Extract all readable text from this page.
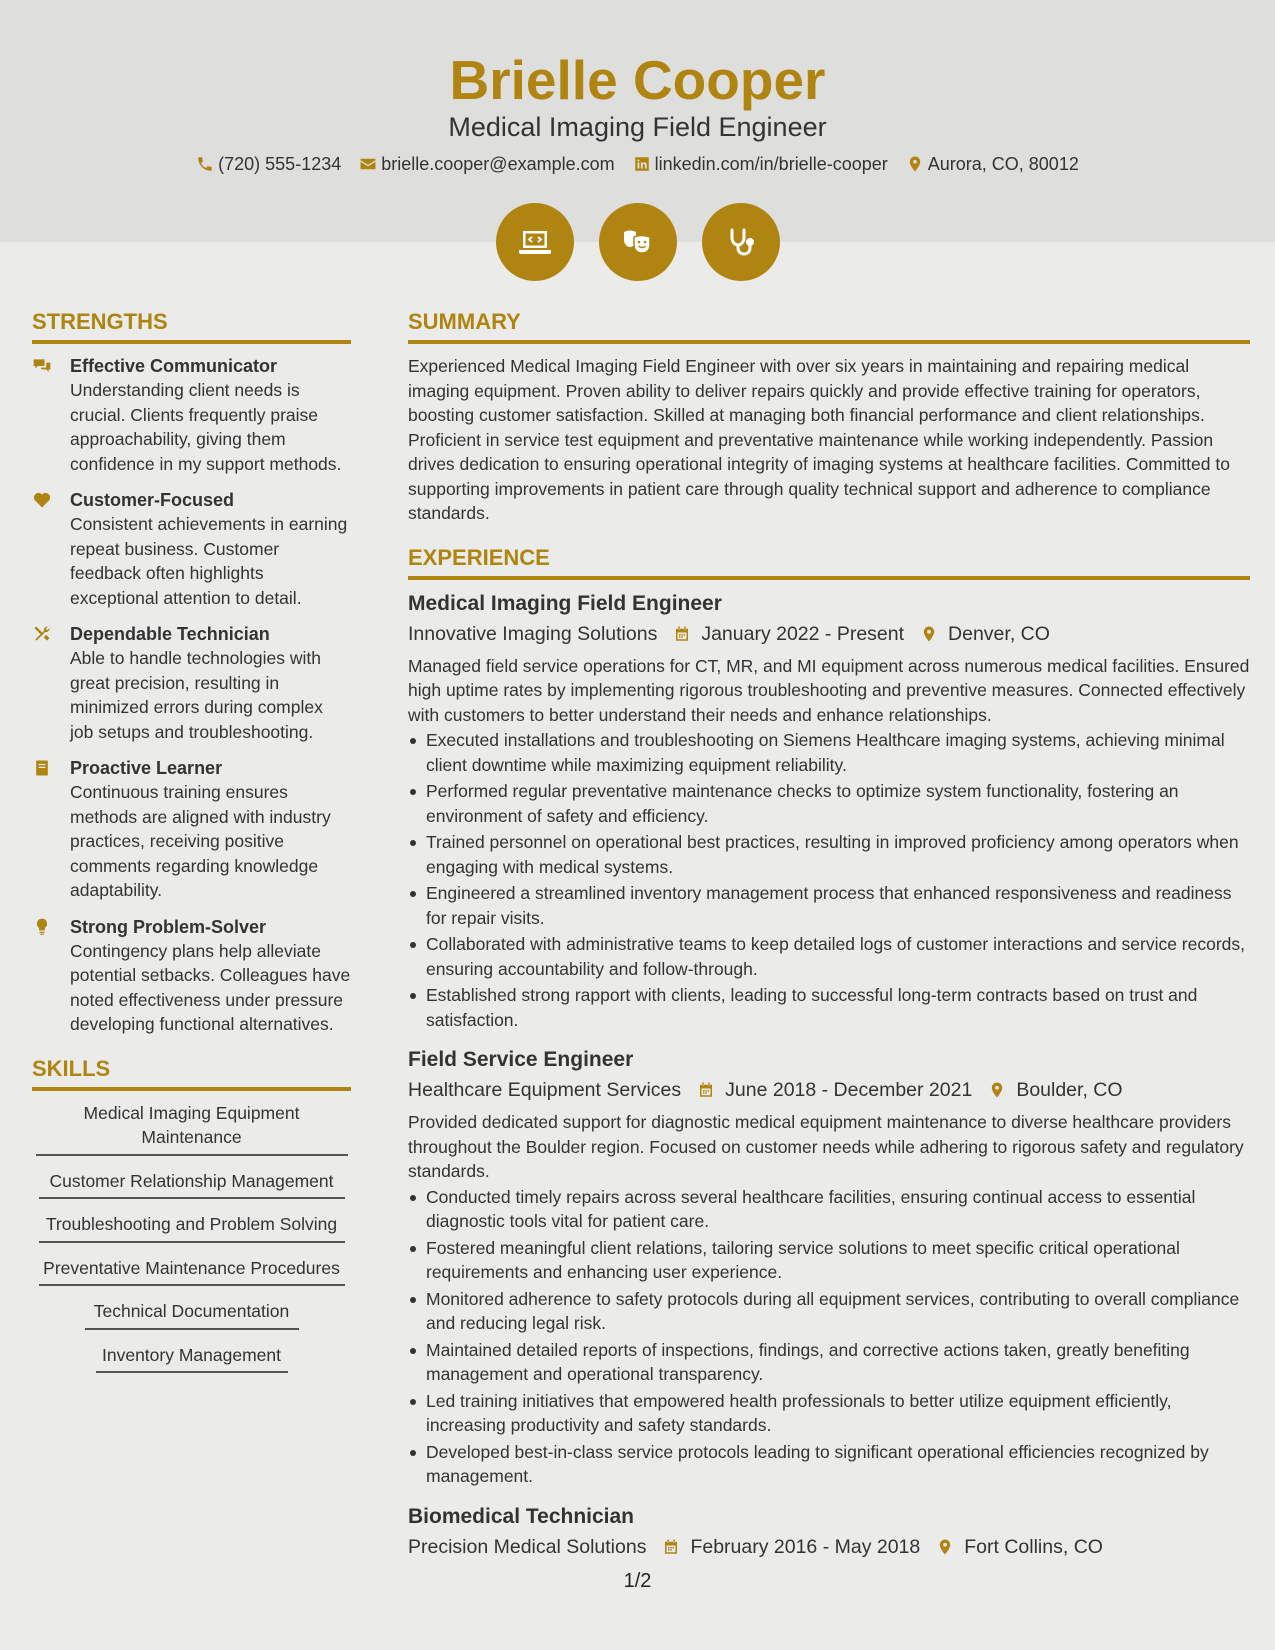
Brielle Cooper
Medical Imaging Field Engineer
(720) 555-1234 brielle.cooper@example.com linkedin.com/in/brielle-cooper Aurora, CO, 80012
STRENGTHS
Effective Communicator
Understanding client needs is crucial. Clients frequently praise approachability, giving them confidence in my support methods.
Customer-Focused
Consistent achievements in earning repeat business. Customer feedback often highlights exceptional attention to detail.
Dependable Technician
Able to handle technologies with great precision, resulting in minimized errors during complex job setups and troubleshooting.
Proactive Learner
Continuous training ensures methods are aligned with industry practices, receiving positive comments regarding knowledge adaptability.
Strong Problem-Solver
Contingency plans help alleviate potential setbacks. Colleagues have noted effectiveness under pressure developing functional alternatives.
SKILLS
Medical Imaging Equipment Maintenance
Customer Relationship Management
Troubleshooting and Problem Solving
Preventative Maintenance Procedures
Technical Documentation
Inventory Management
SUMMARY
Experienced Medical Imaging Field Engineer with over six years in maintaining and repairing medical imaging equipment. Proven ability to deliver repairs quickly and provide effective training for operators, boosting customer satisfaction. Skilled at managing both financial performance and client relationships. Proficient in service test equipment and preventative maintenance while working independently. Passion drives dedication to ensuring operational integrity of imaging systems at healthcare facilities. Committed to supporting improvements in patient care through quality technical support and adherence to compliance standards.
EXPERIENCE
Medical Imaging Field Engineer
Innovative Imaging Solutions January 2022 - Present Denver, CO
Managed field service operations for CT, MR, and MI equipment across numerous medical facilities. Ensured high uptime rates by implementing rigorous troubleshooting and preventive measures. Connected effectively with customers to better understand their needs and enhance relationships.
Executed installations and troubleshooting on Siemens Healthcare imaging systems, achieving minimal client downtime while maximizing equipment reliability.
Performed regular preventative maintenance checks to optimize system functionality, fostering an environment of safety and efficiency.
Trained personnel on operational best practices, resulting in improved proficiency among operators when engaging with medical systems.
Engineered a streamlined inventory management process that enhanced responsiveness and readiness for repair visits.
Collaborated with administrative teams to keep detailed logs of customer interactions and service records, ensuring accountability and follow-through.
Established strong rapport with clients, leading to successful long-term contracts based on trust and satisfaction.
Field Service Engineer
Healthcare Equipment Services June 2018 - December 2021 Boulder, CO
Provided dedicated support for diagnostic medical equipment maintenance to diverse healthcare providers throughout the Boulder region. Focused on customer needs while adhering to rigorous safety and regulatory standards.
Conducted timely repairs across several healthcare facilities, ensuring continual access to essential diagnostic tools vital for patient care.
Fostered meaningful client relations, tailoring service solutions to meet specific critical operational requirements and enhancing user experience.
Monitored adherence to safety protocols during all equipment services, contributing to overall compliance and reducing legal risk.
Maintained detailed reports of inspections, findings, and corrective actions taken, greatly benefiting management and operational transparency.
Led training initiatives that empowered health professionals to better utilize equipment efficiently, increasing productivity and safety standards.
Developed best-in-class service protocols leading to significant operational efficiencies recognized by management.
Biomedical Technician
Precision Medical Solutions February 2016 - May 2018 Fort Collins, CO
1/2
